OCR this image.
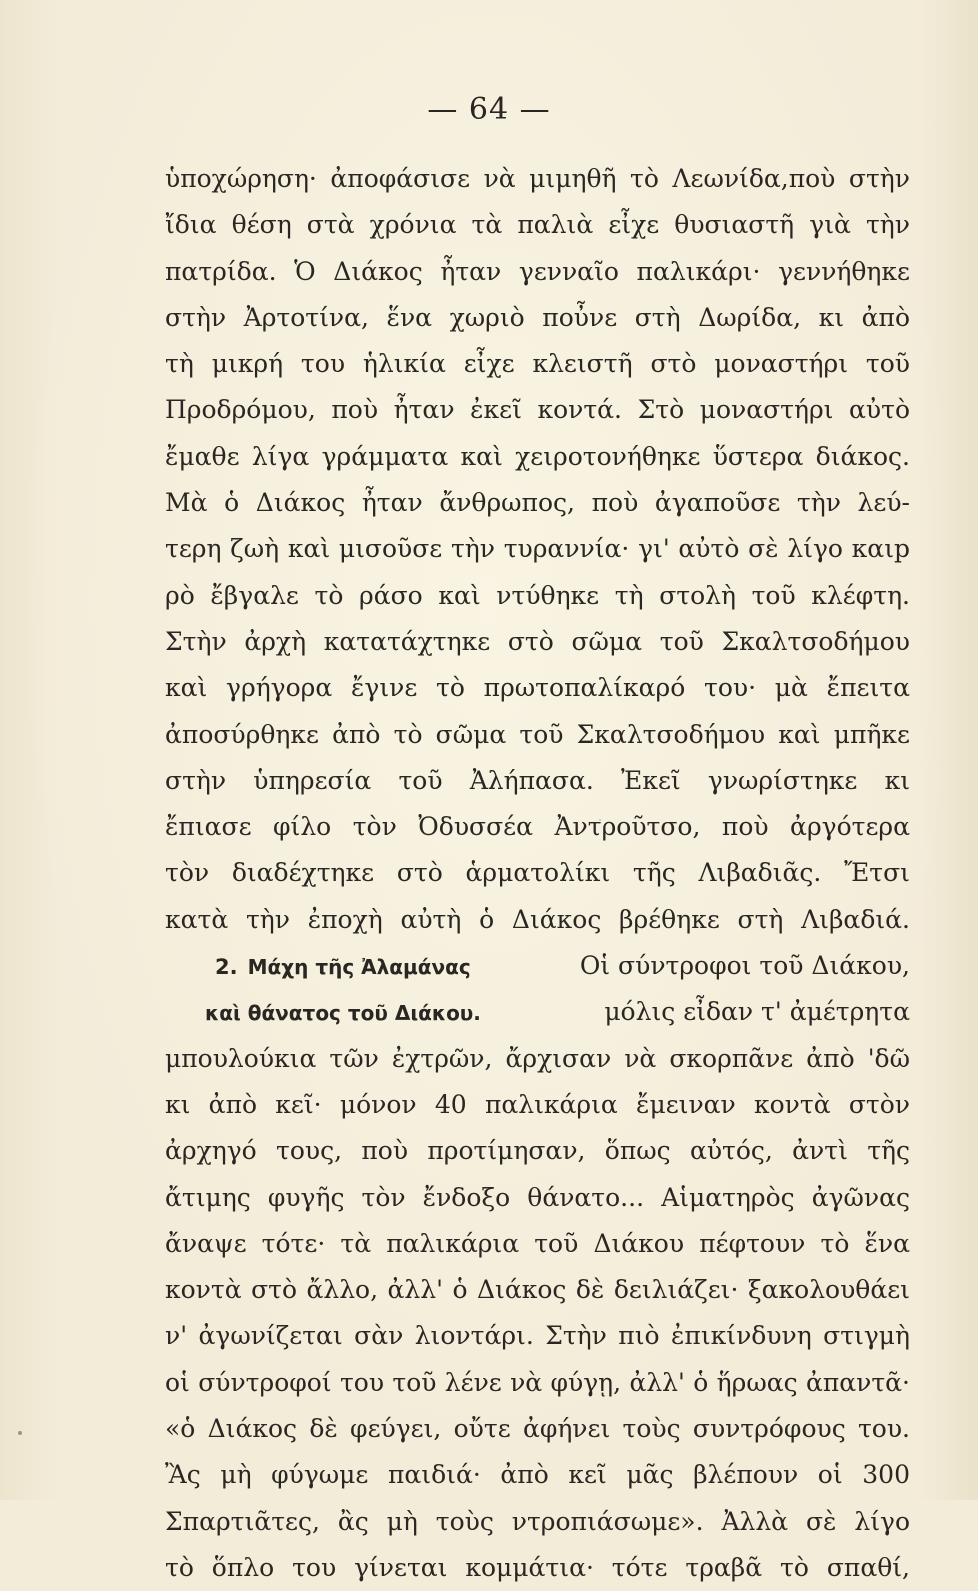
— 64 —
ὑποχώρηση· ἀποφάσισε νὰ μιμηθῆ τὸ Λεωνίδα,ποὺ στὴν
ἴδια θέση στὰ χρόνια τὰ παλιὰ εἶχε θυσιαστῆ γιὰ τὴν
πατρίδα. Ὁ Διάκος ἦταν γενναῖο παλικάρι· γεννήθηκε
στὴν Ἀρτοτίνα, ἕνα χωριὸ ποὖνε στὴ Δωρίδα, κι ἀπὸ
τὴ μικρή του ἡλικία εἶχε κλειστῆ στὸ μοναστήρι τοῦ
Προδρόμου, ποὺ ἦταν ἐκεῖ κοντά. Στὸ μοναστήρι αὐτὸ
ἔμαθε λίγα γράμματα καὶ χειροτονήθηκε ὕστερα διάκος.
Μὰ ὁ Διάκος ἦταν ἄνθρωπος, ποὺ ἀγαποῦσε τὴν λεύ-
τερη ζωὴ καὶ μισοῦσε τὴν τυραννία· γι' αὐτὸ σὲ λίγο καιp
ρὸ ἔβγαλε τὸ ράσο καὶ ντύθηκε τὴ στολὴ τοῦ κλέφτη.
Στὴν ἀρχὴ κατατάχτηκε στὸ σῶμα τοῦ Σκαλτσοδήμου
καὶ γρήγορα ἔγινε τὸ πρωτοπαλίκαρό του· μὰ ἔπειτα
ἀποσύρθηκε ἀπὸ τὸ σῶμα τοῦ Σκαλτσοδήμου καὶ μπῆκε
στὴν ὑπηρεσία τοῦ Ἀλήπασα. Ἐκεῖ γνωρίστηκε κι
ἔπιασε φίλο τὸν Ὀδυσσέα Ἀντροῦτσο, ποὺ ἀργότερα
τὸν διαδέχτηκε στὸ ἁρματολίκι τῆς Λιβαδιᾶς. Ἔτσι
κατὰ τὴν ἐποχὴ αὐτὴ ὁ Διάκος βρέθηκε στὴ Λιβαδιά.
2. Μάχη τῆς Ἀλαμάνας	Οἱ σύντροφοι τοῦ Διάκου,
καὶ θάνατος τοῦ Διάκου.	μόλις εἶδαν τ' ἀμέτρητα
μπουλούκια τῶν ἐχτρῶν, ἄρχισαν νὰ σκορπᾶνε ἀπὸ 'δῶ
κι ἀπὸ κεῖ· μόνον 40 παλικάρια ἔμειναν κοντὰ στὸν
ἀρχηγό τους, ποὺ προτίμησαν, ὅπως αὐτός, ἀντὶ τῆς
ἄτιμης φυγῆς τὸν ἔνδοξο θάνατο... Αἱματηρὸς ἀγῶνας
ἄναψε τότε· τὰ παλικάρια τοῦ Διάκου πέφτουν τὸ ἕνα
κοντὰ στὸ ἄλλο, ἀλλ' ὁ Διάκος δὲ δειλιάζει· ξακολουθάει
ν' ἀγωνίζεται σὰν λιοντάρι. Στὴν πιὸ ἐπικίνδυνη στιγμὴ
οἱ σύντροφοί του τοῦ λένε νὰ φύγῃ, ἀλλ' ὁ ἥρωας ἀπαντᾶ·
«ὁ Διάκος δὲ φεύγει, οὔτε ἀφήνει τοὺς συντρόφους του.
Ἂς μὴ φύγωμε παιδιά· ἀπὸ κεῖ μᾶς βλέπουν οἱ 300
Σπαρτιᾶτες, ἂς μὴ τοὺς ντροπιάσωμε». Ἀλλὰ σὲ λίγο
τὸ ὅπλο του γίνεται κομμάτια· τότε τραβᾶ τὸ σπαθί,
